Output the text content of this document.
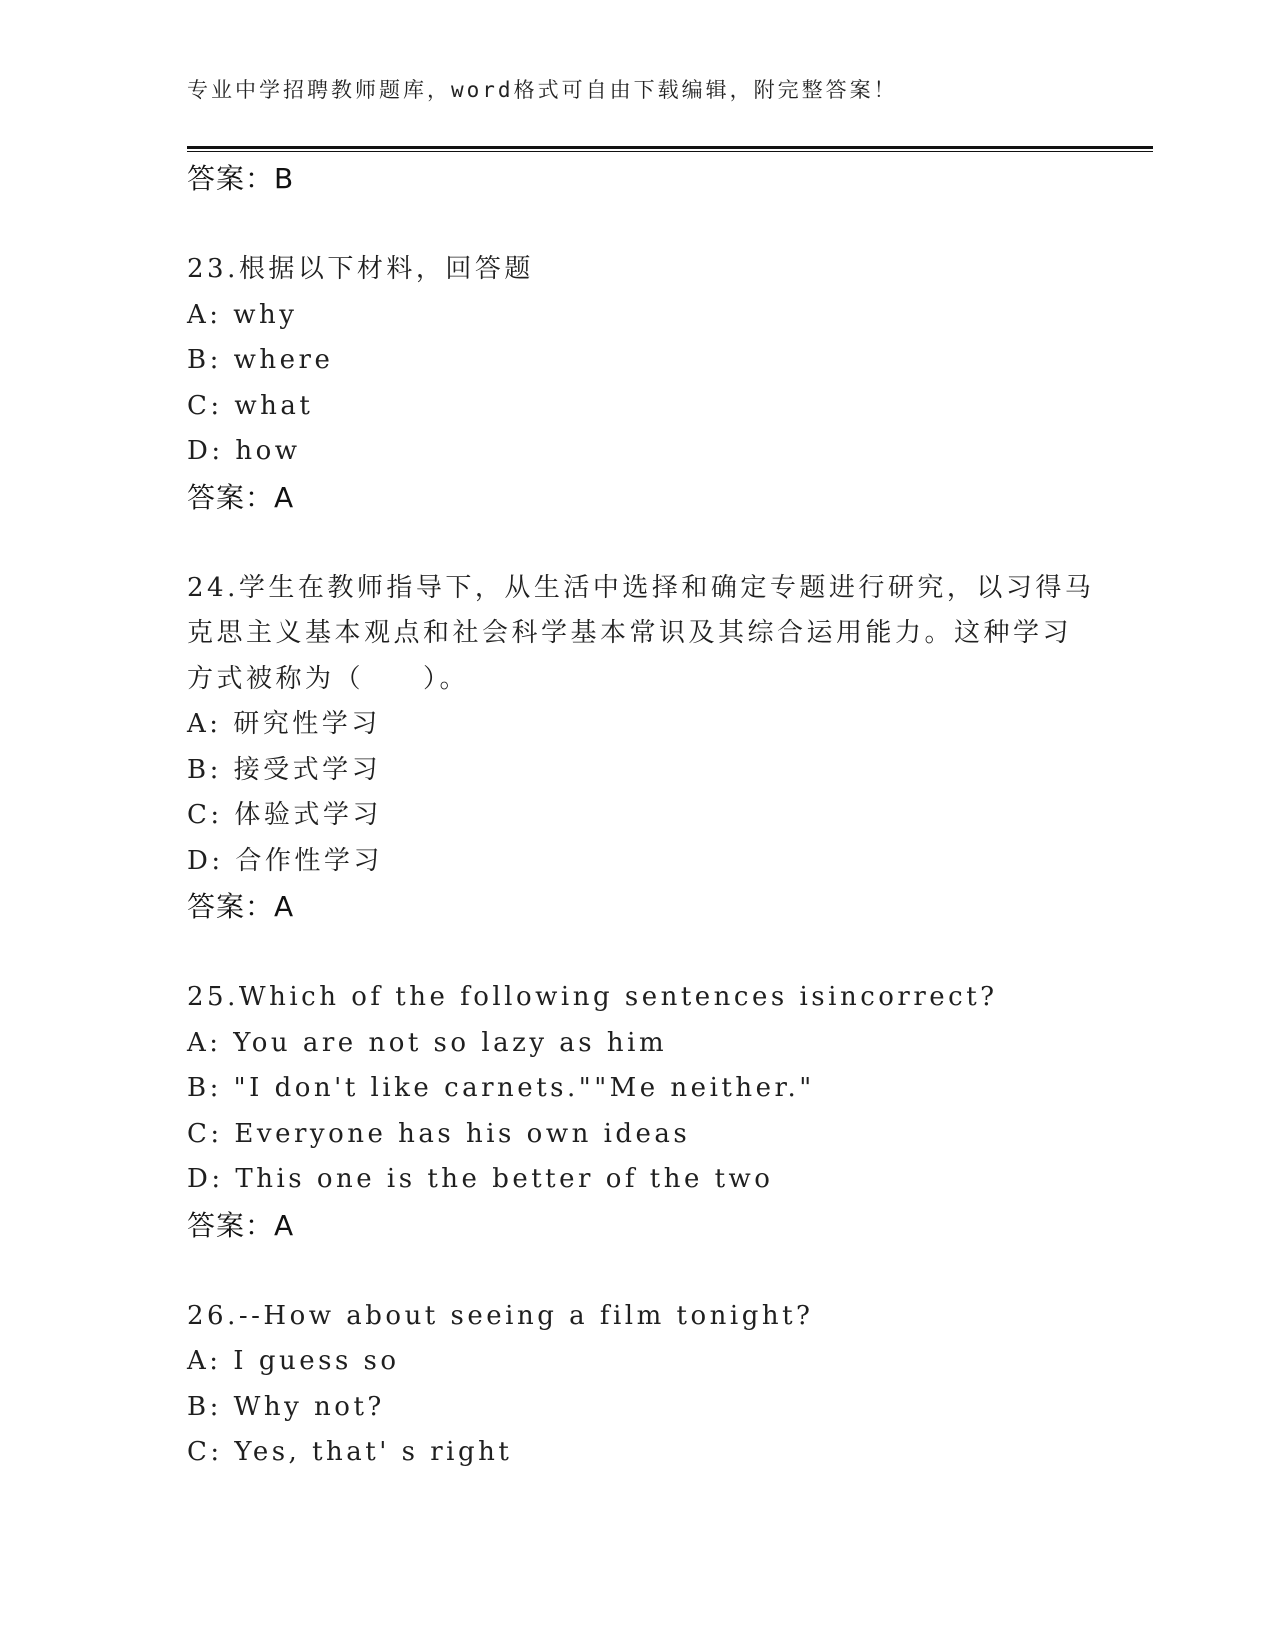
专业中学招聘教师题库，word格式可自由下载编辑，附完整答案！
答案：B
23.根据以下材料，回答题
A: why
B: where
C: what
D: how
答案：A
24.学生在教师指导下，从生活中选择和确定专题进行研究，以习得马
克思主义基本观点和社会科学基本常识及其综合运用能力。这种学习
方式被称为（　　）。
A: 研究性学习
B: 接受式学习
C: 体验式学习
D: 合作性学习
答案：A
25.Which of the following sentences isincorrect?
A: You are not so lazy as him
B: "I don't like carnets.""Me neither."
C: Everyone has his own ideas
D: This one is the better of the two
答案：A
26.--How about seeing a film tonight?
A: I guess so
B: Why not?
C: Yes, that' s right
